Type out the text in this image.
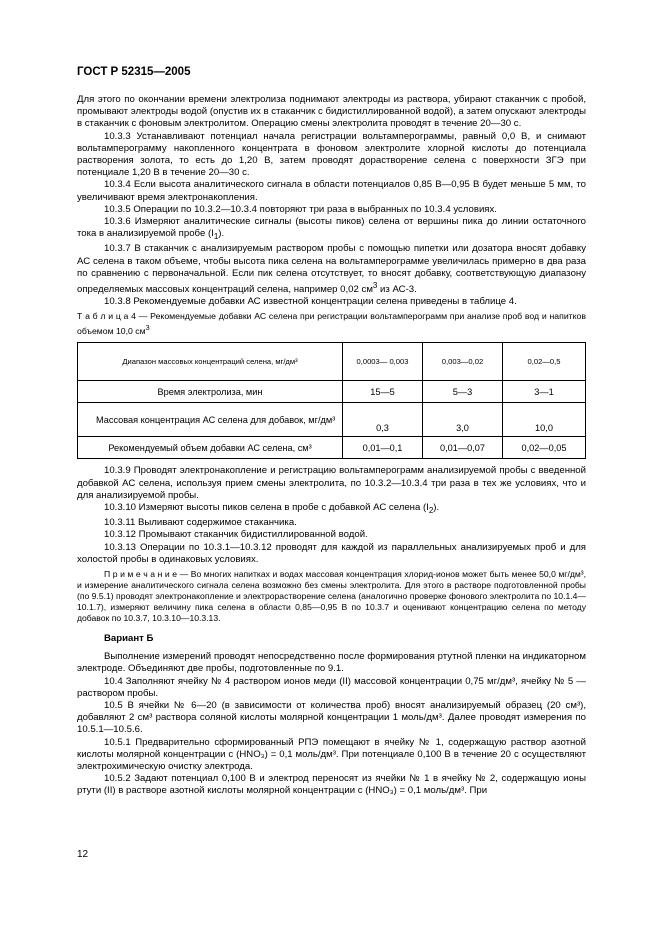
ГОСТ Р 52315—2005

Для этого по окончании времени электролиза поднимают электроды из раствора, убирают стаканчик с пробой, промывают электроды водой (опустив их в стаканчик с бидистиллированной водой), а затем опускают электроды в стаканчик с фоновым электролитом. Операцию смены электролита проводят в течение 20—30 с.

10.3.3 Устанавливают потенциал начала регистрации вольтамперограммы, равный 0,0 В, и снимают вольтамперограмму накопленного концентрата в фоновом электролите хлорной кислоты до потенциала растворения золота, то есть до 1,20 В, затем проводят дорастворение селена с поверхности ЗГЭ при потенциале 1,20 В в течение 20—30 с.

10.3.4 Если высота аналитического сигнала в области потенциалов 0,85 В—0,95 В будет меньше 5 мм, то увеличивают время электронакопления.

10.3.5 Операции по 10.3.2—10.3.4 повторяют три раза в выбранных по 10.3.4 условиях.

10.3.6 Измеряют аналитические сигналы (высоты пиков) селена от вершины пика до линии остаточного тока в анализируемой пробе $(I_1)$.

10.3.7 В стаканчик с анализируемым раствором пробы с помощью пипетки или дозатора вносят добавку АС селена в таком объеме, чтобы высота пика селена на вольтамперограмме увеличилась примерно в два раза по сравнению с первоначальной. Если пик селена отсутствует, то вносят добавку, соответствующую диапазону определяемых массовых концентраций селена, например 0,02 $см^3$ из АС-3.

10.3.8 Рекомендуемые добавки АС известной концентрации селена приведены в таблице 4.

Т а б л и ц а 4 — Рекомендуемые добавки АС селена при регистрации вольтамперограмм при анализе проб вод и напитков объемом 10,0 $см^3$

Диапазон массовых концентраций селена, мг/дм³	0,0003— 0,003	0,003—0,02	0,02—0,5
Время электролиза, мин	15—5	5—3	3—1
Массовая концентрация АС селена для добавок, мг/дм³	0,3	3,0	10,0
Рекомендуемый объем добавки АС селена, см³	0,01—0,1	0,01—0,07	0,02—0,05

10.3.9 Проводят электронакопление и регистрацию вольтамперограмм анализируемой пробы с введенной добавкой АС селена, используя прием смены электролита, по 10.3.2—10.3.4 три раза в тех же условиях, что и для анализируемой пробы.

10.3.10 Измеряют высоты пиков селена в пробе с добавкой АС селена $(I_2)$.

10.3.11 Выливают содержимое стаканчика.

10.3.12 Промывают стаканчик бидистиллированной водой.

10.3.13 Операции по 10.3.1—10.3.12 проводят для каждой из параллельных анализируемых проб и для холостой пробы в одинаковых условиях.

П р и м е ч а н и е — Во многих напитках и водах массовая концентрация хлорид-ионов может быть менее 50,0 мг/дм³, и измерение аналитического сигнала селена возможно без смены электролита. Для этого в растворе подготовленной пробы (по 9.5.1) проводят электронакопление и электрорастворение селена (аналогично проверке фонового электролита по 10.1.4—10.1.7), измеряют величину пика селена в области 0,85—0,95 В по 10.3.7 и оценивают концентрацию селена по методу добавок по 10.3.7, 10.3.10—10.3.13.

Вариант Б

Выполнение измерений проводят непосредственно после формирования ртутной пленки на индикаторном электроде. Объединяют две пробы, подготовленные по 9.1.

10.4 Заполняют ячейку № 4 раствором ионов меди (II) массовой концентрации 0,75 мг/дм³, ячейку № 5 — раствором пробы.

10.5 В ячейки № 6—20 (в зависимости от количества проб) вносят анализируемый образец (20 см³), добавляют 2 см³ раствора соляной кислоты молярной концентрации 1 моль/дм³. Далее проводят измерения по 10.5.1—10.5.6.

10.5.1 Предварительно сформированный РПЭ помещают в ячейку № 1, содержащую раствор азотной кислоты молярной концентрации c (HNO₃) = 0,1 моль/дм³. При потенциале 0,100 В в течение 20 с осуществляют электрохимическую очистку электрода.

10.5.2 Задают потенциал 0,100 В и электрод переносят из ячейки № 1 в ячейку № 2, содержащую ионы ртути (II) в растворе азотной кислоты молярной концентрации c (HNO₃) = 0,1 моль/дм³. При

12
